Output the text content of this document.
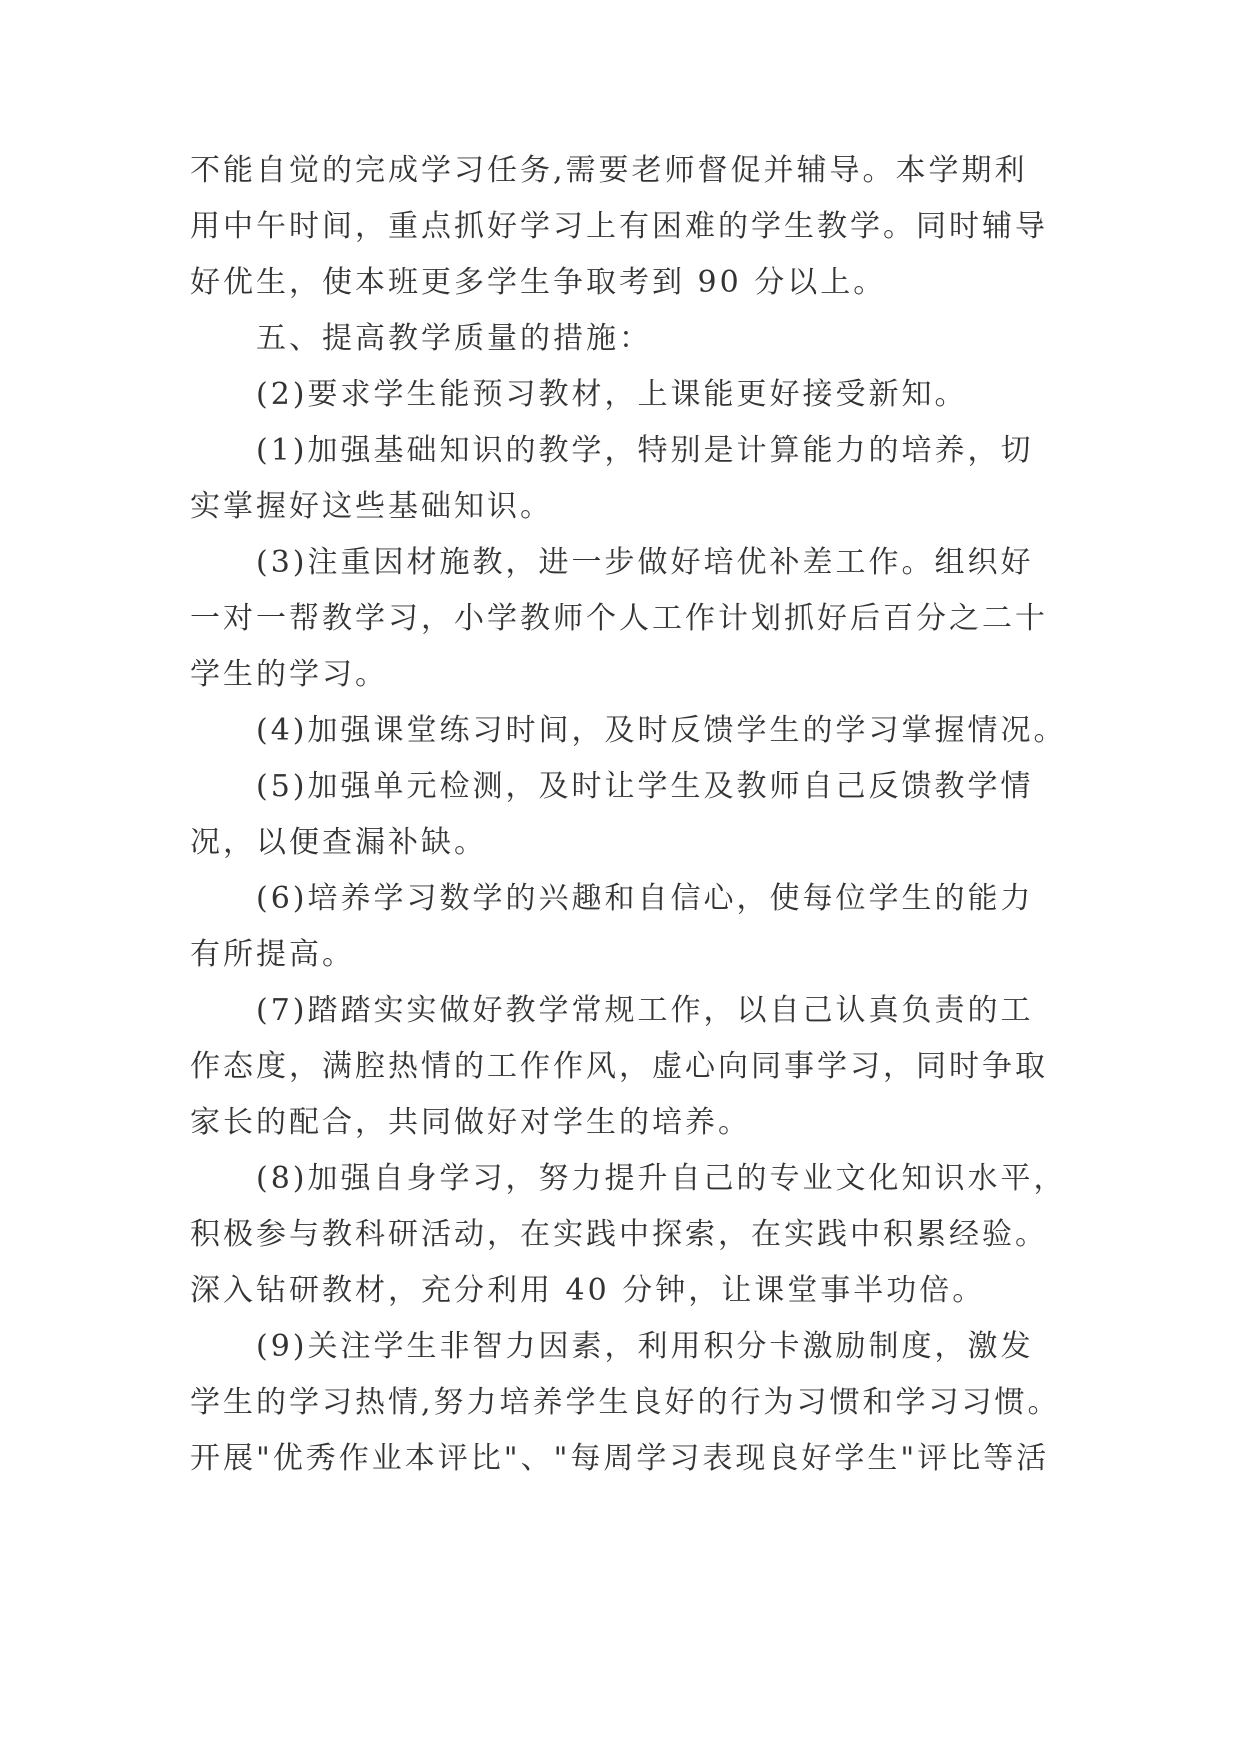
不能自觉的完成学习任务,需要老师督促并辅导。本学期利
用中午时间，重点抓好学习上有困难的学生教学。同时辅导
好优生，使本班更多学生争取考到 90 分以上。
五、提高教学质量的措施：
(2)要求学生能预习教材，上课能更好接受新知。
(1)加强基础知识的教学，特别是计算能力的培养，切
实掌握好这些基础知识。
(3)注重因材施教，进一步做好培优补差工作。组织好
一对一帮教学习，小学教师个人工作计划抓好后百分之二十
学生的学习。
(4)加强课堂练习时间，及时反馈学生的学习掌握情况。
(5)加强单元检测，及时让学生及教师自己反馈教学情
况，以便查漏补缺。
(6)培养学习数学的兴趣和自信心，使每位学生的能力
有所提高。
(7)踏踏实实做好教学常规工作，以自己认真负责的工
作态度，满腔热情的工作作风，虚心向同事学习，同时争取
家长的配合，共同做好对学生的培养。
(8)加强自身学习，努力提升自己的专业文化知识水平，
积极参与教科研活动，在实践中探索，在实践中积累经验。
深入钻研教材，充分利用 40 分钟，让课堂事半功倍。
(9)关注学生非智力因素，利用积分卡激励制度，激发
学生的学习热情,努力培养学生良好的行为习惯和学习习惯。
开展"优秀作业本评比"、"每周学习表现良好学生"评比等活
